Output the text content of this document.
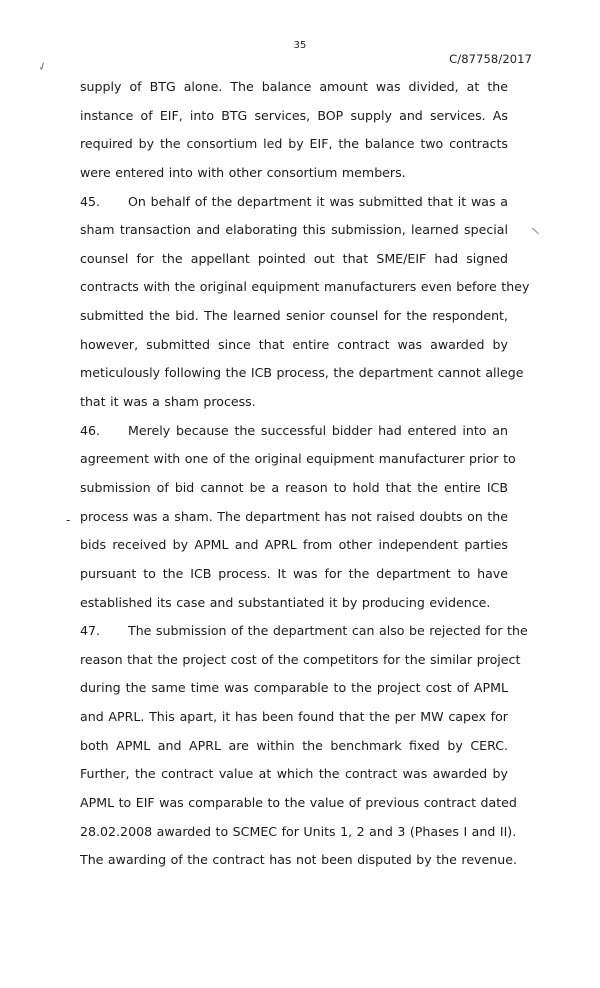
35
C/87758/2017
✓
\
-
supply of BTG alone. The balance amount was divided, at the
instance of EIF, into BTG services, BOP supply and services. As
required by the consortium led by EIF, the balance two contracts
were entered into with other consortium members.
45. On behalf of the department it was submitted that it was a
sham transaction and elaborating this submission, learned special
counsel for the appellant pointed out that SME/EIF had signed
contracts with the original equipment manufacturers even before they
submitted the bid. The learned senior counsel for the respondent,
however, submitted since that entire contract was awarded by
meticulously following the ICB process, the department cannot allege
that it was a sham process.
46. Merely because the successful bidder had entered into an
agreement with one of the original equipment manufacturer prior to
submission of bid cannot be a reason to hold that the entire ICB
process was a sham. The department has not raised doubts on the
bids received by APML and APRL from other independent parties
pursuant to the ICB process. It was for the department to have
established its case and substantiated it by producing evidence.
47. The submission of the department can also be rejected for the
reason that the project cost of the competitors for the similar project
during the same time was comparable to the project cost of APML
and APRL. This apart, it has been found that the per MW capex for
both APML and APRL are within the benchmark fixed by CERC.
Further, the contract value at which the contract was awarded by
APML to EIF was comparable to the value of previous contract dated
28.02.2008 awarded to SCMEC for Units 1, 2 and 3 (Phases I and II).
The awarding of the contract has not been disputed by the revenue.
